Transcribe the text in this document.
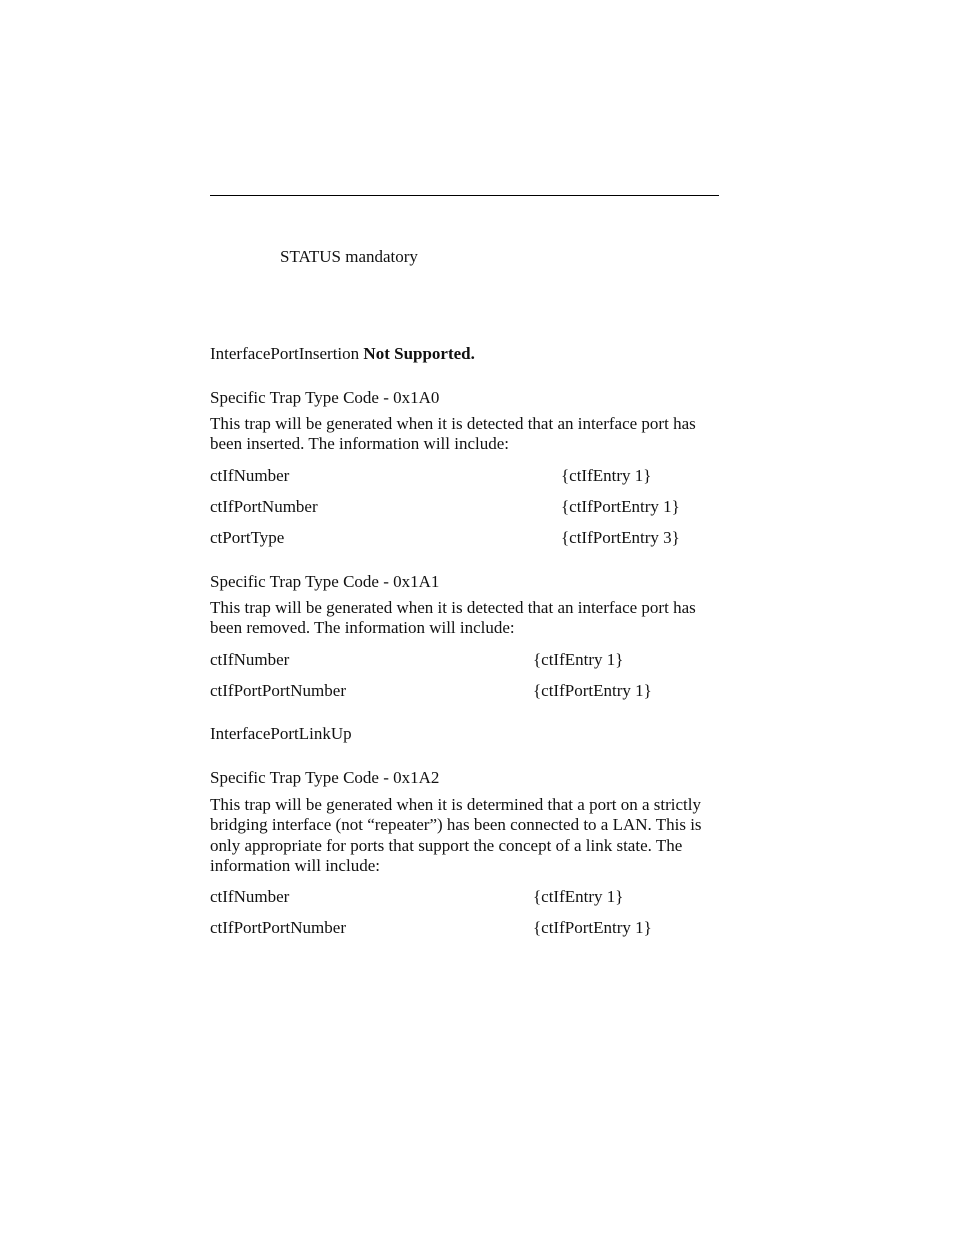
STATUS mandatory
InterfacePortInsertion Not Supported.
Specific Trap Type Code - 0x1A0
This trap will be generated when it is detected that an interface port has been inserted. The information will include:
ctIfNumber	{ctIfEntry 1}
ctIfPortNumber	{ctIfPortEntry 1}
ctPortType	{ctIfPortEntry 3}
Specific Trap Type Code - 0x1A1
This trap will be generated when it is detected that an interface port has been removed. The information will include:
ctIfNumber	{ctIfEntry 1}
ctIfPortPortNumber	{ctIfPortEntry 1}
InterfacePortLinkUp
Specific Trap Type Code - 0x1A2
This trap will be generated when it is determined that a port on a strictly bridging interface (not “repeater”) has been connected to a LAN. This is only appropriate for ports that support the concept of a link state. The information will include:
ctIfNumber	{ctIfEntry 1}
ctIfPortPortNumber	{ctIfPortEntry 1}
